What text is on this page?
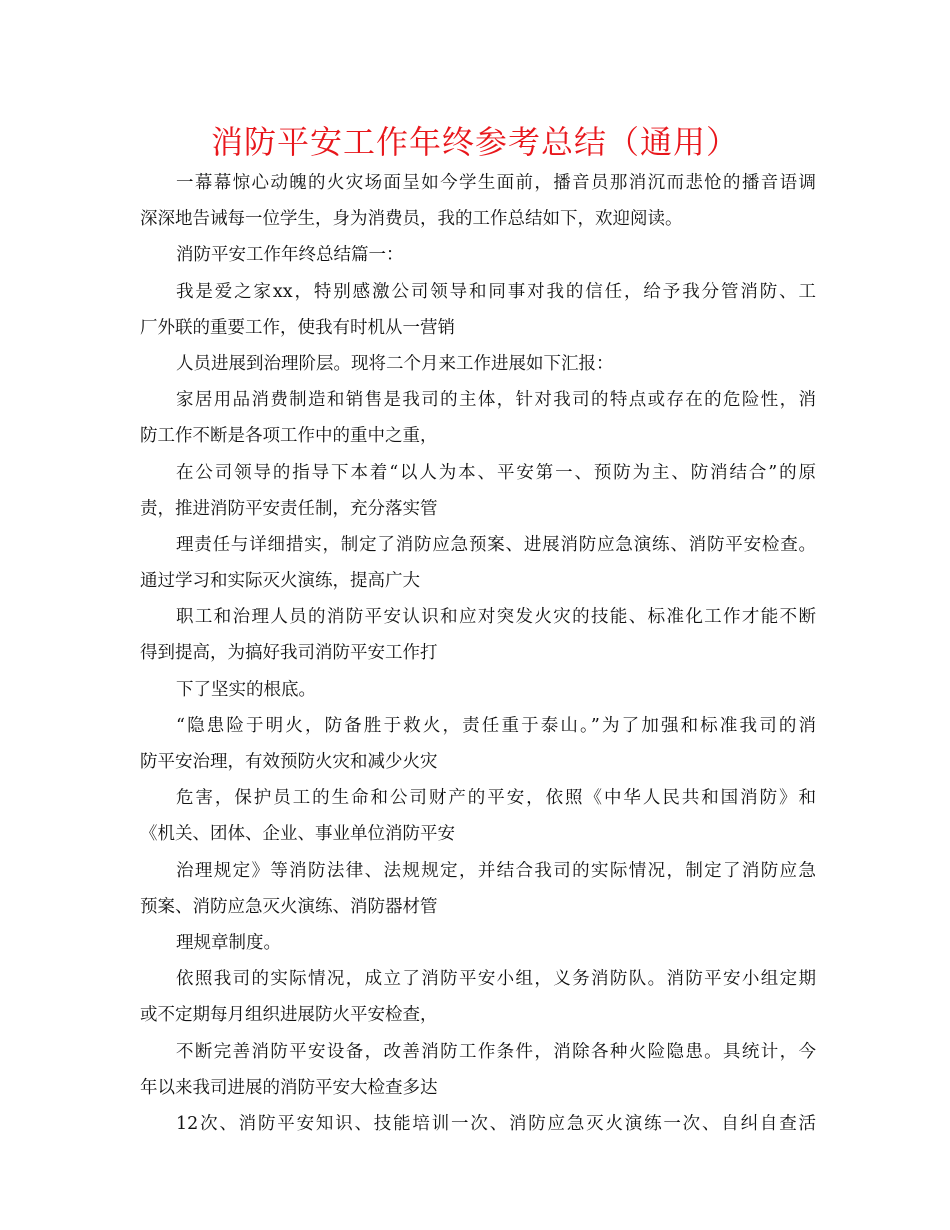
消防平安工作年终参考总结（通用）
一幕幕惊心动魄的火灾场面呈如今学生面前，播音员那消沉而悲怆的播音语调
深深地告诫每一位学生，身为消费员，我的工作总结如下，欢迎阅读。
消防平安工作年终总结篇一：
我是爱之家xx，特别感激公司领导和同事对我的信任，给予我分管消防、工
厂外联的重要工作，使我有时机从一营销
人员进展到治理阶层。现将二个月来工作进展如下汇报：
家居用品消费制造和销售是我司的主体，针对我司的特点或存在的危险性，消
防工作不断是各项工作中的重中之重，
在公司领导的指导下本着“以人为本、平安第一、预防为主、防消结合”的原
责，推进消防平安责任制，充分落实管
理责任与详细措实，制定了消防应急预案、进展消防应急演练、消防平安检查。
通过学习和实际灭火演练，提高广大
职工和治理人员的消防平安认识和应对突发火灾的技能、标准化工作才能不断
得到提高，为搞好我司消防平安工作打
下了坚实的根底。
“隐患险于明火，防备胜于救火，责任重于泰山。”为了加强和标准我司的消
防平安治理，有效预防火灾和减少火灾
危害，保护员工的生命和公司财产的平安，依照《中华人民共和国消防》和
《机关、团体、企业、事业单位消防平安
治理规定》等消防法律、法规规定，并结合我司的实际情况，制定了消防应急
预案、消防应急灭火演练、消防器材管
理规章制度。
依照我司的实际情况，成立了消防平安小组，义务消防队。消防平安小组定期
或不定期每月组织进展防火平安检查，
不断完善消防平安设备，改善消防工作条件，消除各种火险隐患。具统计，今
年以来我司进展的消防平安大检查多达
12次、消防平安知识、技能培训一次、消防应急灭火演练一次、自纠自查活
